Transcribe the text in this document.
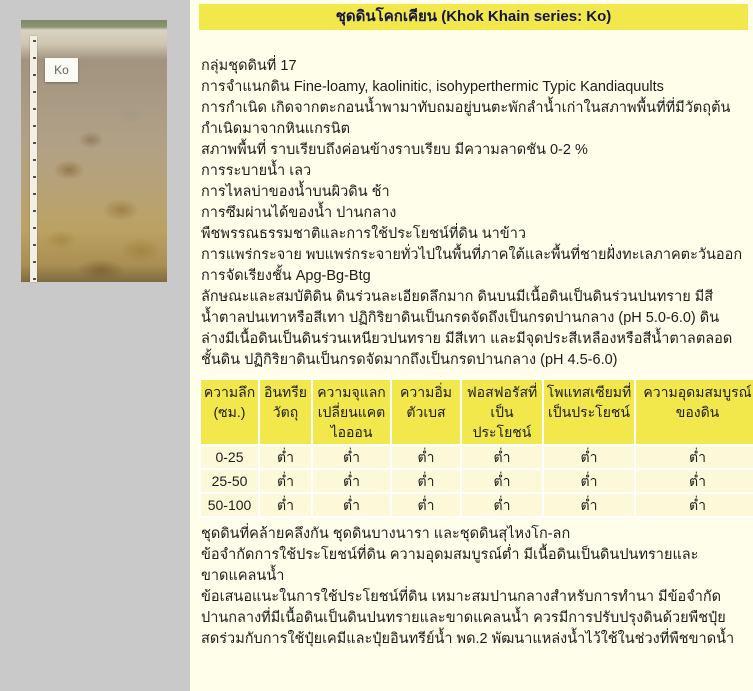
Ko
ชุดดินโคกเคียน (Khok Khain series: Ko)
กลุ่มชุดดินที่ 17
การจำแนกดิน Fine-loamy, kaolinitic, isohyperthermic Typic Kandiaquults
การกำเนิด เกิดจากตะกอนน้ำพามาทับถมอยู่บนตะพักลำน้ำเก่าในสภาพพื้นที่ที่มีวัตถุต้นกำเนิดมาจากหินแกรนิต
สภาพพื้นที่ ราบเรียบถึงค่อนข้างราบเรียบ มีความลาดชัน 0-2 %
การระบายน้ำ เลว
การไหลบ่าของน้ำบนผิวดิน ช้า
การซึมผ่านได้ของน้ำ ปานกลาง
พืชพรรณธรรมชาติและการใช้ประโยชน์ที่ดิน นาข้าว
การแพร่กระจาย พบแพร่กระจายทั่วไปในพื้นที่ภาคใต้และพื้นที่ชายฝั่งทะเลภาคตะวันออก
การจัดเรียงชั้น Apg-Bg-Btg
ลักษณะและสมบัติดิน ดินร่วนละเอียดลึกมาก ดินบนมีเนื้อดินเป็นดินร่วนปนทราย มีสีน้ำตาลปนเทาหรือสีเทา ปฏิกิริยาดินเป็นกรดจัดถึงเป็นกรดปานกลาง (pH 5.0-6.0) ดินล่างมีเนื้อดินเป็นดินร่วนเหนียวปนทราย มีสีเทา และมีจุดประสีเหลืองหรือสีน้ำตาลตลอดชั้นดิน ปฏิกิริยาดินเป็นกรดจัดมากถึงเป็นกรดปานกลาง (pH 4.5-6.0)
ความลึก (ซม.)	อินทรียวัตถุ	ความจุแลกเปลี่ยนแคตไอออน	ความอิ่มตัวเบส	ฟอสฟอรัสที่เป็นประโยชน์	โพแทสเซียมที่เป็นประโยชน์	ความอุดมสมบูรณ์ของดิน
0-25	ต่ำ	ต่ำ	ต่ำ	ต่ำ	ต่ำ	ต่ำ
25-50	ต่ำ	ต่ำ	ต่ำ	ต่ำ	ต่ำ	ต่ำ
50-100	ต่ำ	ต่ำ	ต่ำ	ต่ำ	ต่ำ	ต่ำ
ชุดดินที่คล้ายคลึงกัน ชุดดินบางนารา และชุดดินสุไหงโก-ลก
ข้อจำกัดการใช้ประโยชน์ที่ดิน ความอุดมสมบูรณ์ต่ำ มีเนื้อดินเป็นดินปนทรายและขาดแคลนน้ำ
ข้อเสนอแนะในการใช้ประโยชน์ที่ดิน เหมาะสมปานกลางสำหรับการทำนา มีข้อจำกัดปานกลางที่มีเนื้อดินเป็นดินปนทรายและขาดแคลนน้ำ ควรมีการปรับปรุงดินด้วยพืชปุ๋ยสดร่วมกับการใช้ปุ๋ยเคมีและปุ๋ยอินทรีย์น้ำ พด.2 พัฒนาแหล่งน้ำไว้ใช้ในช่วงที่พืชขาดน้ำ
